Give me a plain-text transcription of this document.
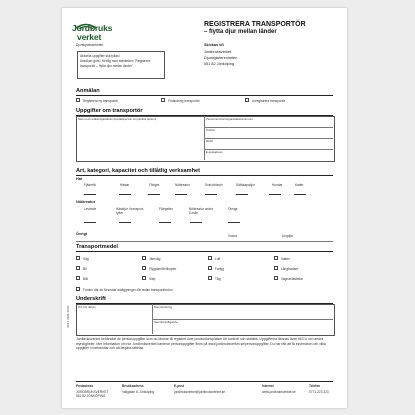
Jordbruks
verket
Djurskyddsenheten
REGISTRERA TRANSPORTÖR
– flytta djur mellan länder
Aktuella uppgifter ska fyllas i
Ansökan görs i förväg med blanketten "Registrera
transportör – flytta djur mellan länder"
Skickas till
Jordbruksverket
Djurregisterenheten
551 82 Jönköping
Anmälan
Registrera ny transportör	Förändring transportör	Avregistrera transportör
Uppgifter om transportör
Namn och utdelningsadress (kontaktperson om juridisk person)	Personnummer/organisationsnummer
Telefon
Mobil
E-postadress
Art, kategori, kapacitet och tillåtlig verksamhet
Har
Fjäderfä	Hästar	Får/get	Nötkreatur	Svin/vildsvin	Sällskapsdjur	Hundar	Katter
Nötkreatur
Levande	Hästdjur i transport-
rytter
Får/getter	Nötkreatur under
6 mån
Övriga
Övrigt	Vuxna	Ungdjur
Transportmedel
Väg	Järnväg	Luft	Vatten
Bil	Flygplan/Helikopter	Fartyg	Långtradare
Båt	Släp	Tåg	Vagnar/lastbilar
Fordon där de försedda anläggningen får redan transportfordon
Underskrift
Ort och datum	Namnteckning
Namnförtydligande
Jordbruksverket behandlar de personuppgifter som du lämnar till registret över produktionsplatser för kontroll och statistik. Uppgifterna lämnas även till EU och andra myndigheter. Mer information om hur Jordbruksverket hanterar personuppgifter finns på www.jordbruksverket.se/personuppgifter. Du har rätt att få information om vilka uppgifter vi behandlar och att begära rättelse.
Postadress	Besöksadress	E-post	Internet	Telefon
JORDBRUKSVERKET
551 82 JÖNKÖPING
Vallgatan 8, Jönköping	jordbruksverket@jordbruksverket.se	www.jordbruksverket.se	0771-223 223
JO2:1 2021-10 V1
